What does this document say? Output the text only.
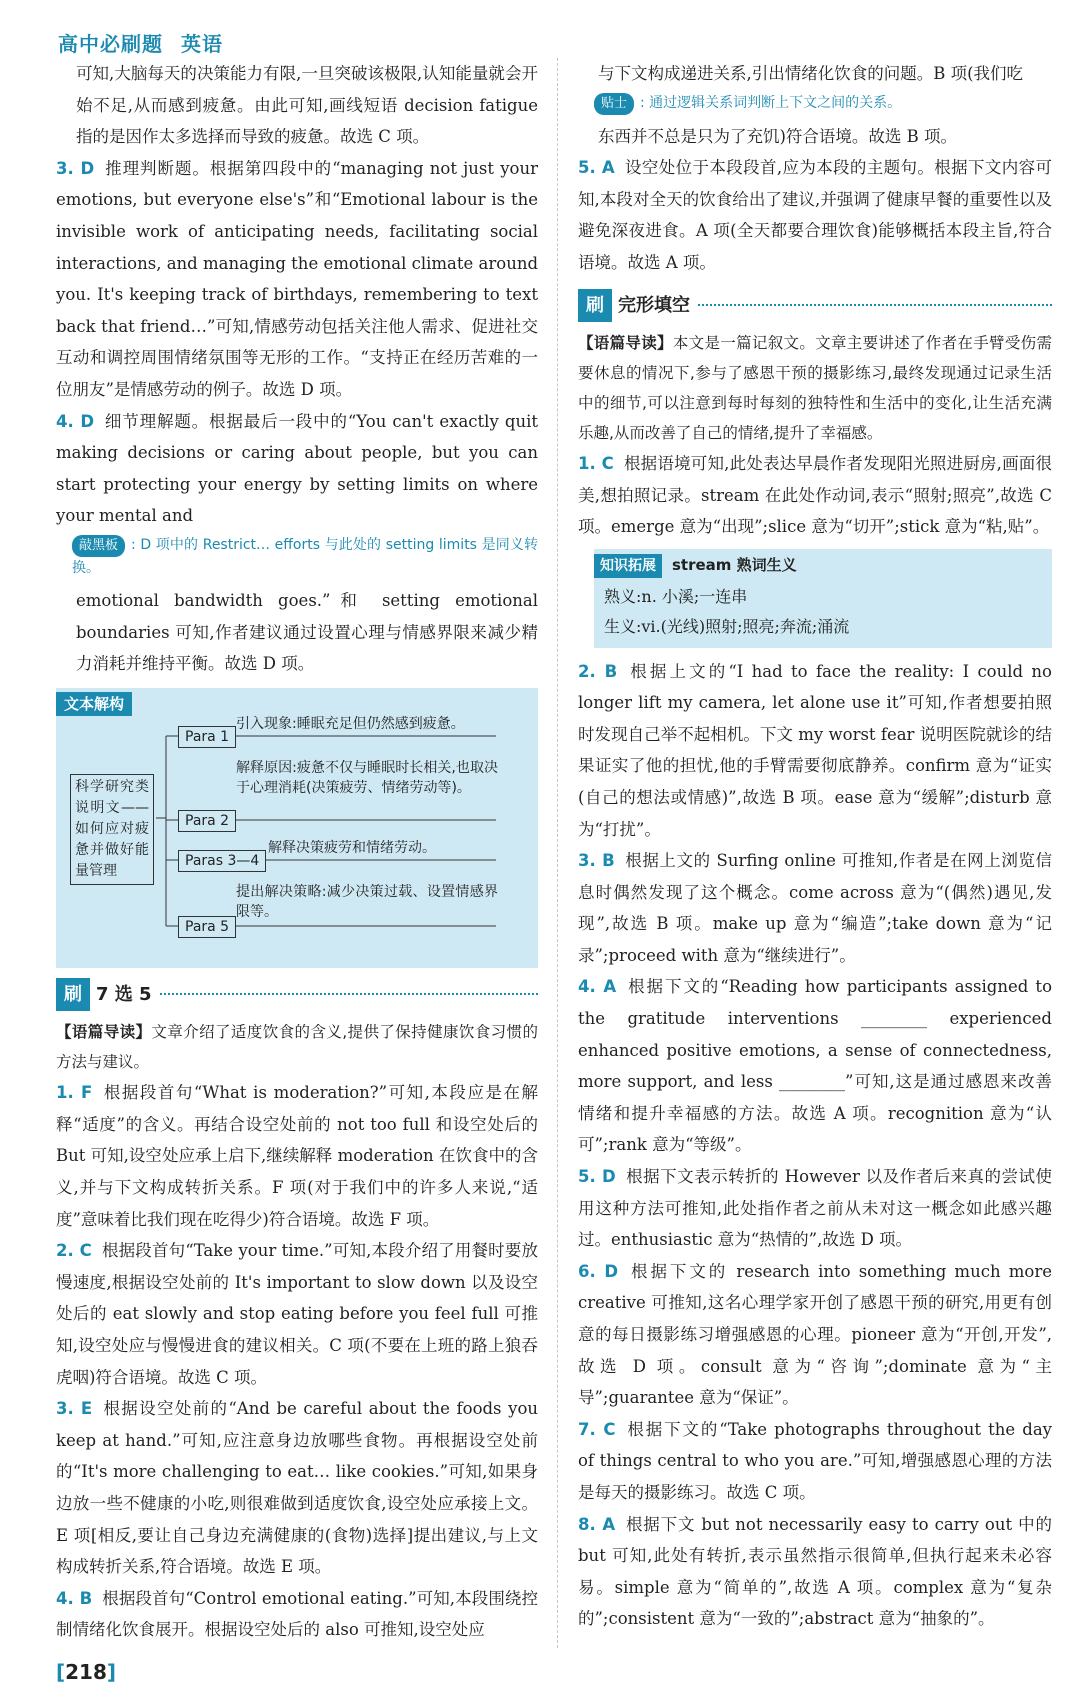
高中必刷题 英语

可知,大脑每天的决策能力有限,一旦突破该极限,认知能量就会开始不足,从而感到疲惫。由此可知,画线短语 decision fatigue 指的是因作太多选择而导致的疲惫。故选 C 项。

3. D 推理判断题。根据第四段中的“managing not just your emotions, but everyone else's”和“Emotional labour is the invisible work of anticipating needs, facilitating social interactions, and managing the emotional climate around you. It's keeping track of birthdays, remembering to text back that friend…”可知,情感劳动包括关注他人需求、促进社交互动和调控周围情绪氛围等无形的工作。“支持正在经历苦难的一位朋友”是情感劳动的例子。故选 D 项。

4. D 细节理解题。根据最后一段中的“You can't exactly quit making decisions or caring about people, but you can start protecting your energy by setting limits on where your mental and

敲黑板 : D 项中的 Restrict… efforts 与此处的 setting limits 是同义转换。

emotional bandwidth goes.”和 setting emotional boundaries 可知,作者建议通过设置心理与情感界限来减少精力消耗并维持平衡。故选 D 项。

文本解构
科学研究类说明文——如何应对疲惫并做好能量管理
Para 1
引入现象:睡眠充足但仍然感到疲惫。
Para 2
解释原因:疲惫不仅与睡眠时长相关,也取决于心理消耗(决策疲劳、情绪劳动等)。
Paras 3—4
解释决策疲劳和情绪劳动。
Para 5
提出解决策略:减少决策过载、设置情感界限等。
刷 7 选 5

【语篇导读】文章介绍了适度饮食的含义,提供了保持健康饮食习惯的方法与建议。

1. F 根据段首句“What is moderation?”可知,本段应是在解释“适度”的含义。再结合设空处前的 not too full 和设空处后的 But 可知,设空处应承上启下,继续解释 moderation 在饮食中的含义,并与下文构成转折关系。F 项(对于我们中的许多人来说,“适度”意味着比我们现在吃得少)符合语境。故选 F 项。

2. C 根据段首句“Take your time.”可知,本段介绍了用餐时要放慢速度,根据设空处前的 It's important to slow down 以及设空处后的 eat slowly and stop eating before you feel full 可推知,设空处应与慢慢进食的建议相关。C 项(不要在上班的路上狼吞虎咽)符合语境。故选 C 项。

3. E 根据设空处前的“And be careful about the foods you keep at hand.”可知,应注意身边放哪些食物。再根据设空处前的“It's more challenging to eat… like cookies.”可知,如果身边放一些不健康的小吃,则很难做到适度饮食,设空处应承接上文。E 项[相反,要让自己身边充满健康的(食物)选择]提出建议,与上文构成转折关系,符合语境。故选 E 项。

4. B 根据段首句“Control emotional eating.”可知,本段围绕控制情绪化饮食展开。根据设空处后的 also 可推知,设空处应

与下文构成递进关系,引出情绪化饮食的问题。B 项(我们吃

贴士 : 通过逻辑关系词判断上下文之间的关系。

东西并不总是只为了充饥)符合语境。故选 B 项。

5. A 设空处位于本段段首,应为本段的主题句。根据下文内容可知,本段对全天的饮食给出了建议,并强调了健康早餐的重要性以及避免深夜进食。A 项(全天都要合理饮食)能够概括本段主旨,符合语境。故选 A 项。

刷 完形填空

【语篇导读】本文是一篇记叙文。文章主要讲述了作者在手臂受伤需要休息的情况下,参与了感恩干预的摄影练习,最终发现通过记录生活中的细节,可以注意到每时每刻的独特性和生活中的变化,让生活充满乐趣,从而改善了自己的情绪,提升了幸福感。

1. C 根据语境可知,此处表达早晨作者发现阳光照进厨房,画面很美,想拍照记录。stream 在此处作动词,表示“照射;照亮”,故选 C 项。emerge 意为“出现”;slice 意为“切开”;stick 意为“粘,贴”。

知识拓展 stream 熟词生义

熟义:n. 小溪;一连串

生义:vi.(光线)照射;照亮;奔流;涌流

2. B 根据上文的“I had to face the reality: I could no longer lift my camera, let alone use it”可知,作者想要拍照时发现自己举不起相机。下文 my worst fear 说明医院就诊的结果证实了他的担忧,他的手臂需要彻底静养。confirm 意为“证实(自己的想法或情感)”,故选 B 项。ease 意为“缓解”;disturb 意为“打扰”。

3. B 根据上文的 Surfing online 可推知,作者是在网上浏览信息时偶然发现了这个概念。come across 意为“(偶然)遇见,发现”,故选 B 项。make up 意为“编造”;take down 意为“记录”;proceed with 意为“继续进行”。

4. A 根据下文的“Reading how participants assigned to the gratitude interventions ________ experienced enhanced positive emotions, a sense of connectedness, more support, and less ________”可知,这是通过感恩来改善情绪和提升幸福感的方法。故选 A 项。recognition 意为“认可”;rank 意为“等级”。

5. D 根据下文表示转折的 However 以及作者后来真的尝试使用这种方法可推知,此处指作者之前从未对这一概念如此感兴趣过。enthusiastic 意为“热情的”,故选 D 项。

6. D 根据下文的 research into something much more creative 可推知,这名心理学家开创了感恩干预的研究,用更有创意的每日摄影练习增强感恩的心理。pioneer 意为“开创,开发”,故选 D 项。consult 意为“咨询”;dominate 意为“主导”;guarantee 意为“保证”。

7. C 根据下文的“Take photographs throughout the day of things central to who you are.”可知,增强感恩心理的方法是每天的摄影练习。故选 C 项。

8. A 根据下文 but not necessarily easy to carry out 中的 but 可知,此处有转折,表示虽然指示很简单,但执行起来未必容易。simple 意为“简单的”,故选 A 项。complex 意为“复杂的”;consistent 意为“一致的”;abstract 意为“抽象的”。

[ 218]
